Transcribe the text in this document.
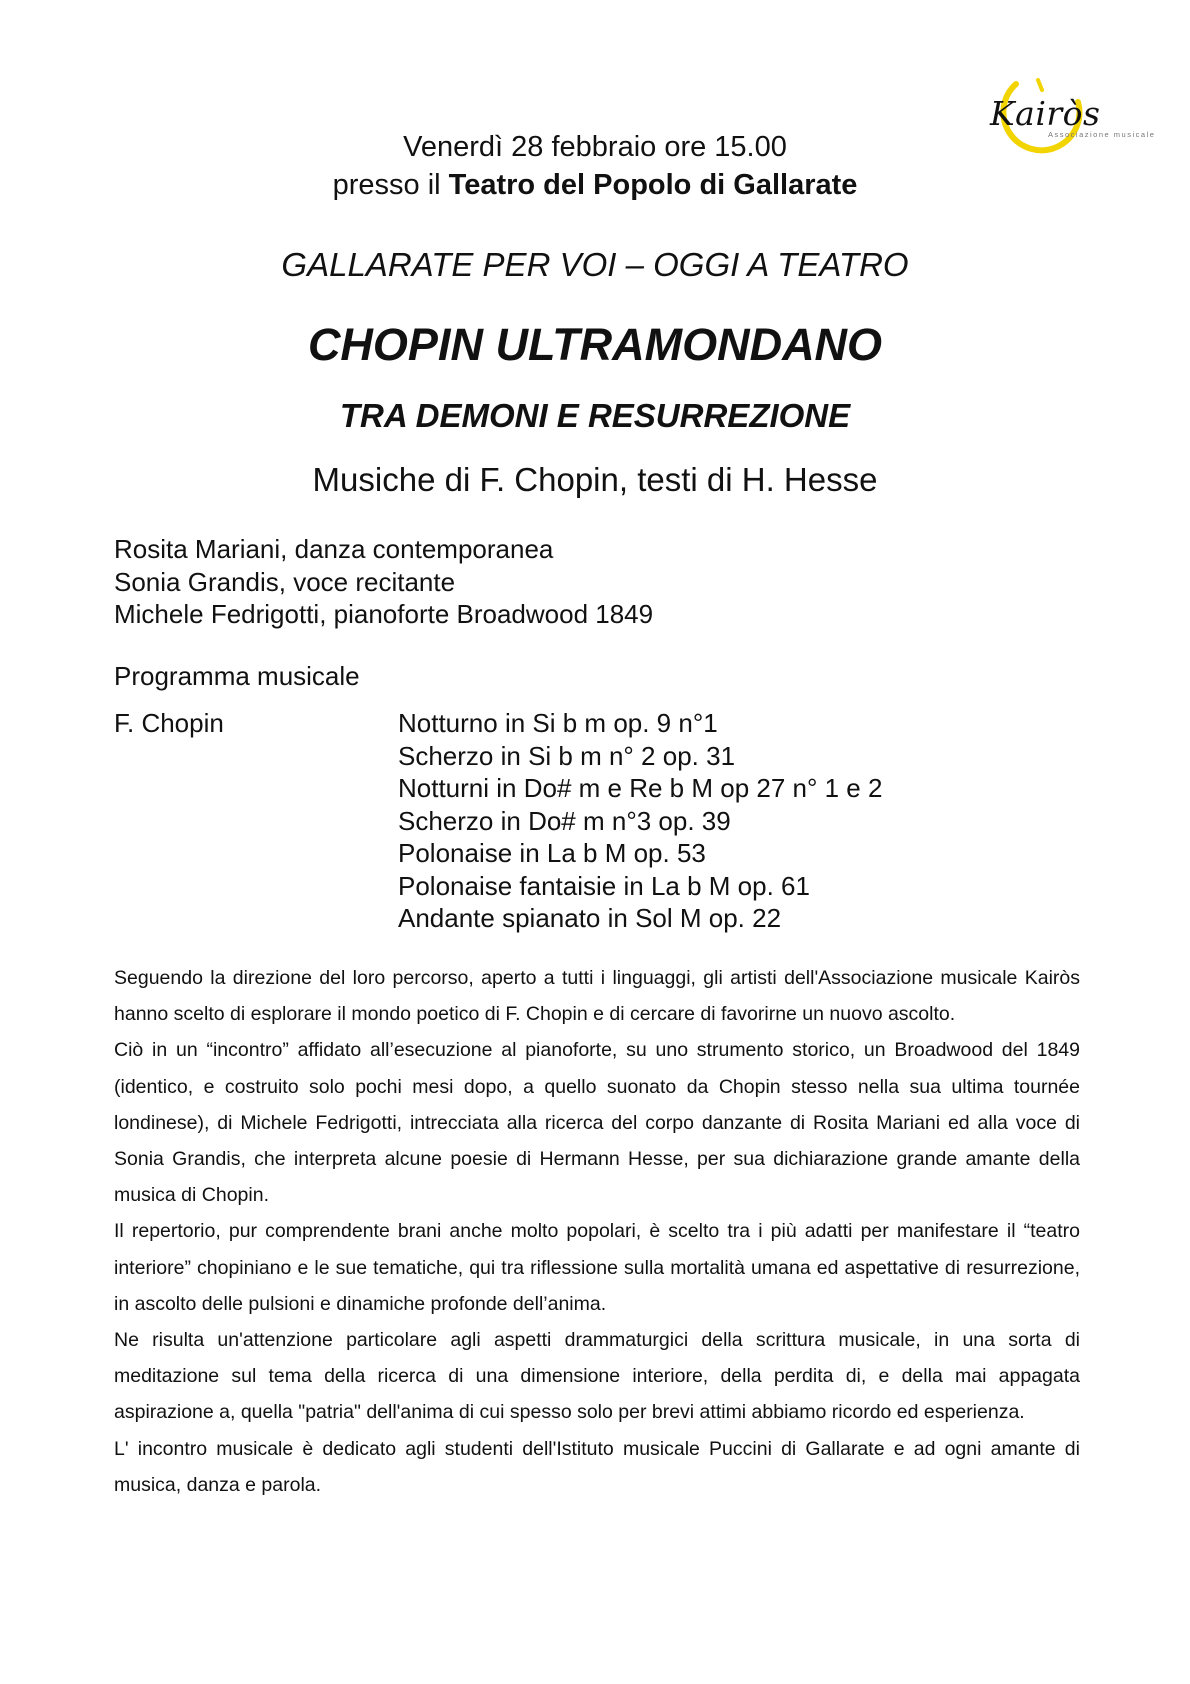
Kairòs
Associazione musicale
Venerdì 28 febbraio ore 15.00
presso il Teatro del Popolo di Gallarate
GALLARATE PER VOI – OGGI A TEATRO
CHOPIN ULTRAMONDANO
TRA DEMONI E RESURREZIONE
Musiche di F. Chopin, testi di H. Hesse
Rosita Mariani, danza contemporanea
Sonia Grandis, voce recitante
Michele Fedrigotti, pianoforte Broadwood 1849
Programma musicale
F. Chopin	Notturno in Si b m op. 9 n°1
Scherzo in Si b m n° 2 op. 31
Notturni in Do# m e Re b M op 27 n° 1 e 2
Scherzo in Do# m n°3 op. 39
Polonaise in La b M op. 53
Polonaise fantaisie in La b M op. 61
Andante spianato in Sol M op. 22

Seguendo la direzione del loro percorso, aperto a tutti i linguaggi, gli artisti dell'Associazione musicale Kairòs hanno scelto di esplorare il mondo poetico di F. Chopin e di cercare di favorirne un nuovo ascolto.

Ciò in un “incontro” affidato all’esecuzione al pianoforte, su uno strumento storico, un Broadwood del 1849 (identico, e costruito solo pochi mesi dopo, a quello suonato da Chopin stesso nella sua ultima tournée londinese), di Michele Fedrigotti, intrecciata alla ricerca del corpo danzante di Rosita Mariani ed alla voce di Sonia Grandis, che interpreta alcune poesie di Hermann Hesse, per sua dichiarazione grande amante della musica di Chopin.

Il repertorio, pur comprendente brani anche molto popolari, è scelto tra i più adatti per manifestare il “teatro interiore” chopiniano e le sue tematiche, qui tra riflessione sulla mortalità umana ed aspettative di resurrezione, in ascolto delle pulsioni e dinamiche profonde dell’anima.

Ne risulta un'attenzione particolare agli aspetti drammaturgici della scrittura musicale, in una sorta di meditazione sul tema della ricerca di una dimensione interiore, della perdita di, e della mai appagata aspirazione a, quella "patria" dell'anima di cui spesso solo per brevi attimi abbiamo ricordo ed esperienza.

L' incontro musicale è dedicato agli studenti dell'Istituto musicale Puccini di Gallarate e ad ogni amante di musica, danza e parola.
